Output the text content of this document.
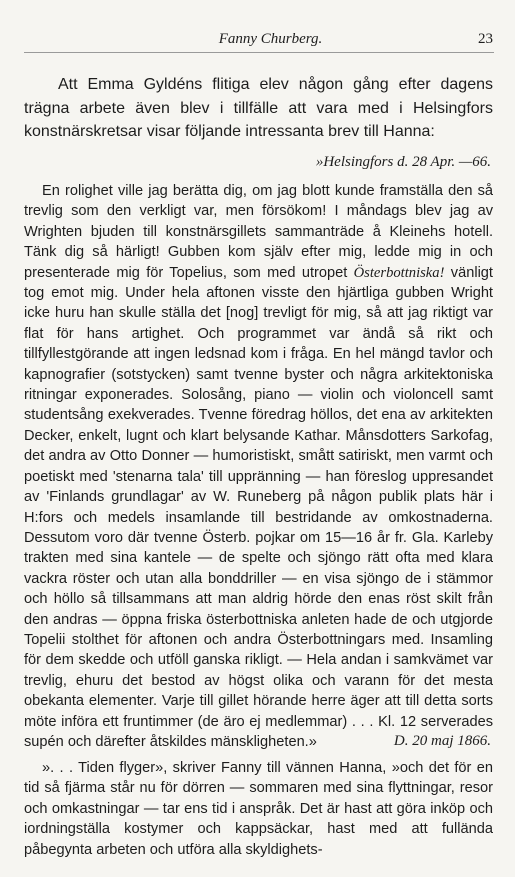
Fanny Churberg.	23

Att Emma Gyldéns flitiga elev någon gång efter dagens trägna arbete även blev i tillfälle att vara med i Helsingfors konstnärskretsar visar följande intressanta brev till Hanna:

»Helsingfors d. 28 Apr. —66.

En rolighet ville jag berätta dig, om jag blott kunde framställa den så trevlig som den verkligt var, men försökom! I måndags blev jag av Wrighten bjuden till konstnärsgillets sammanträde å Kleinehs hotell. Tänk dig så härligt! Gubben kom själv efter mig, ledde mig in och presenterade mig för Topelius, som med utropet Österbottniska! vänligt tog emot mig. Under hela aftonen visste den hjärtliga gubben Wright icke huru han skulle ställa det [nog] trevligt för mig, så att jag riktigt var flat för hans artighet. Och programmet var ändå så rikt och tillfyllestgörande att ingen ledsnad kom i fråga. En hel mängd tavlor och kapnografier (sotstycken) samt tvenne byster och några arkitektoniska ritningar exponerades. Solosång, piano — violin och violoncell samt studentsång exekverades. Tvenne föredrag höllos, det ena av arkitekten Decker, enkelt, lugnt och klart belysande Kathar. Månsdotters Sarkofag, det andra av Otto Donner — humoristiskt, smått satiriskt, men varmt och poetiskt med 'stenarna tala' till uppränning — han föreslog uppresandet av 'Finlands grundlagar' av W. Runeberg på någon publik plats här i H:fors och medels insamlande till bestridande av omkostnaderna. Dessutom voro där tvenne Österb. pojkar om 15—16 år fr. Gla. Karleby trakten med sina kantele — de spelte och sjöngo rätt ofta med klara vackra röster och utan alla bonddriller — en visa sjöngo de i stämmor och höllo så tillsammans att man aldrig hörde den enas röst skilt från den andras — öppna friska österbottniska anleten hade de och utgjorde Topelii stolthet för aftonen och andra Österbottningars med. Insamling för dem skedde och utföll ganska rikligt. — Hela andan i samkvämet var trevlig, ehuru det bestod av högst olika och varann för det mesta obekanta elementer. Varje till gillet hörande herre äger att till detta sorts möte införa ett fruntimmer (de äro ej medlemmar) . . . Kl. 12 serverades supén och därefter åtskildes mänskligheten.»	D. 20 maj 1866.

». . . Tiden flyger», skriver Fanny till vännen Hanna, »och det för en tid så fjärma står nu för dörren — sommaren med sina flyttningar, resor och omkastningar — tar ens tid i anspråk. Det är hast att göra inköp och iordningställa kostymer och kappsäckar, hast med att fulländа påbegynta arbeten och utföra alla skyldighets-
